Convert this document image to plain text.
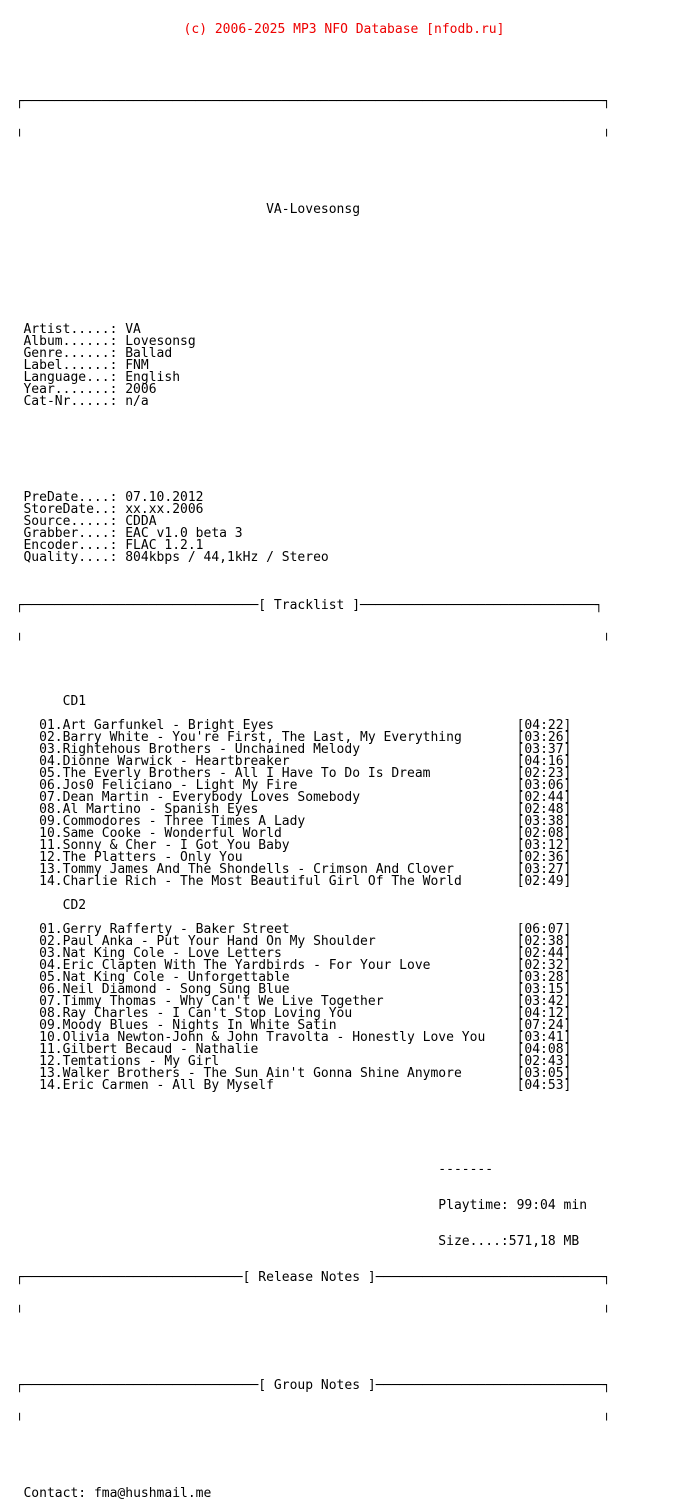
(c) 2006-2025 MP3 NFO Database [nfodb.ru]

┌──────────────────────────────────────────────────────────────────────────┐

╵                                                                          ╵

VA-Lovesonsg

Artist.....: VA
Album......: Lovesonsg
Genre......: Ballad
Label......: FNM
Language...: English
Year.......: 2006
Cat-Nr.....: n/a

PreDate....: 07.10.2012
StoreDate..: xx.xx.2006
Source.....: CDDA
Grabber....: EAC v1.0 beta 3
Encoder....: FLAC 1.2.1
Quality....: 804kbps / 44,1kHz / Stereo

┌──────────────────────────────[ Tracklist ]──────────────────────────────┐

╵                                                                          ╵

CD1
01.Art Garfunkel - Bright Eyes	[04:22]
02.Barry White - You're First, The Last, My Everything	[03:26]
03.Rightehous Brothers - Unchained Melody	[03:37]
04.Dionne Warwick - Heartbreaker	[04:16]
05.The Everly Brothers - All I Have To Do Is Dream	[02:23]
06.Jos0 Feliciano - Light My Fire	[03:06]
07.Dean Martin - Everybody Loves Somebody	[02:44]
08.Al Martino - Spanish Eyes	[02:48]
09.Commodores - Three Times A Lady	[03:38]
10.Same Cooke - Wonderful World	[02:08]
11.Sonny & Cher - I Got You Baby	[03:12]
12.The Platters - Only You	[02:36]
13.Tommy James And The Shondells - Crimson And Clover	[03:27]
14.Charlie Rich - The Most Beautiful Girl Of The World	[02:49]
CD2
01.Gerry Rafferty - Baker Street	[06:07]
02.Paul Anka - Put Your Hand On My Shoulder	[02:38]
03.Nat King Cole - Love Letters	[02:44]
04.Eric Clapten With The Yardbirds - For Your Love	[02:32]
05.Nat King Cole - Unforgettable	[03:28]
06.Neil Diamond - Song Sung Blue	[03:15]
07.Timmy Thomas - Why Can't We Live Together	[03:42]
08.Ray Charles - I Can't Stop Loving You	[04:12]
09.Moody Blues - Nights In White Satin	[07:24]
10.Olivia Newton-John & John Travolta - Honestly Love You [03:41]
11.Gilbert Becaud - Nathalie	[04:08]
12.Temtations - My Girl	[02:43]
13.Walker Brothers - The Sun Ain't Gonna Shine Anymore	[03:05]
14.Eric Carmen - All By Myself	[04:53]

-------

Playtime: 99:04 min

Size....:571,18 MB

┌────────────────────────────[ Release Notes ]─────────────────────────────┐

╵                                                                          ╵

┌──────────────────────────────[ Group Notes ]─────────────────────────────┐

╵                                                                          ╵

Contact: fma@hushmail.me
